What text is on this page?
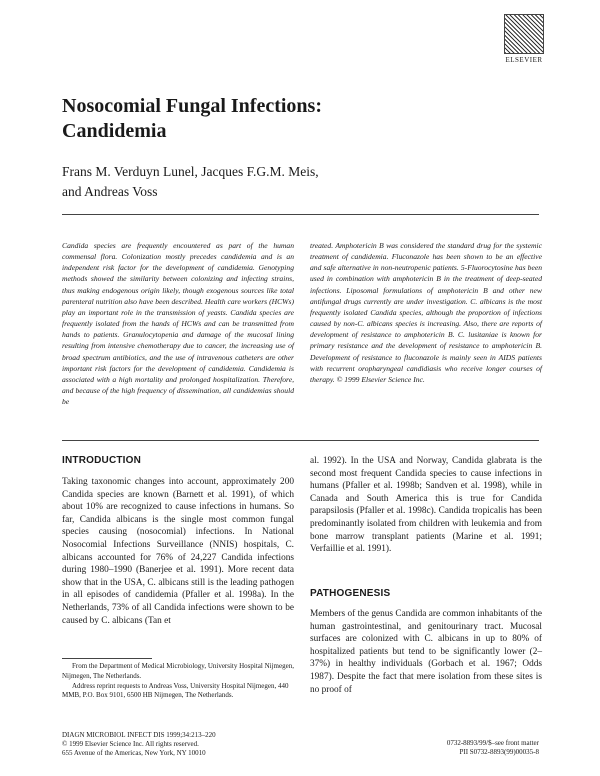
ELSEVIER
Nosocomial Fungal Infections:
Candidemia
Frans M. Verduyn Lunel, Jacques F.G.M. Meis,
and Andreas Voss

Candida species are frequently encountered as part of the human commensal flora. Colonization mostly precedes candidemia and is an independent risk factor for the development of candidemia. Genotyping methods showed the similarity between colonizing and infecting strains, thus making endogenous origin likely, though exogenous sources like total parenteral nutrition also have been described. Health care workers (HCWs) play an important role in the transmission of yeasts. Candida species are frequently isolated from the hands of HCWs and can be transmitted from hands to patients. Granulocytopenia and damage of the mucosal lining resulting from intensive chemotherapy due to cancer, the increasing use of broad spectrum antibiotics, and the use of intravenous catheters are other important risk factors for the development of candidemia. Candidemia is associated with a high mortality and prolonged hospitalization. Therefore, and because of the high frequency of dissemination, all candidemias should be

treated. Amphotericin B was considered the standard drug for the systemic treatment of candidemia. Fluconazole has been shown to be an effective and safe alternative in non-neutropenic patients. 5-Fluorocytosine has been used in combination with amphotericin B in the treatment of deep-seated infections. Liposomal formulations of amphotericin B and other new antifungal drugs currently are under investigation. C. albicans is the most frequently isolated Candida species, although the proportion of infections caused by non-C. albicans species is increasing. Also, there are reports of development of resistance to amphotericin B. C. lusitaniae is known for primary resistance and the development of resistance to amphotericin B. Development of resistance to fluconazole is mainly seen in AIDS patients with recurrent oropharyngeal candidiasis who receive longer courses of therapy. © 1999 Elsevier Science Inc.

INTRODUCTION

Taking taxonomic changes into account, approximately 200 Candida species are known (Barnett et al. 1991), of which about 10% are recognized to cause infections in humans. So far, Candida albicans is the single most common fungal species causing (nosocomial) infections. In National Nosocomial Infections Surveillance (NNIS) hospitals, C. albicans accounted for 76% of 24,227 Candida infections during 1980–1990 (Banerjee et al. 1991). More recent data show that in the USA, C. albicans still is the leading pathogen in all episodes of candidemia (Pfaller et al. 1998a). In the Netherlands, 73% of all Candida infections were shown to be caused by C. albicans (Tan et

al. 1992). In the USA and Norway, Candida glabrata is the second most frequent Candida species to cause infections in humans (Pfaller et al. 1998b; Sandven et al. 1998), while in Canada and South America this is true for Candida parapsilosis (Pfaller et al. 1998c). Candida tropicalis has been predominantly isolated from children with leukemia and from bone marrow transplant patients (Marine et al. 1991; Verfaillie et al. 1991).

PATHOGENESIS

Members of the genus Candida are common inhabitants of the human gastrointestinal, and genitourinary tract. Mucosal surfaces are colonized with C. albicans in up to 80% of hospitalized patients but tend to be significantly lower (2–37%) in healthy individuals (Gorbach et al. 1967; Odds 1987). Despite the fact that mere isolation from these sites is no proof of

From the Department of Medical Microbiology, University Hospital Nijmegen, Nijmegen, The Netherlands.

Address reprint requests to Andreas Voss, University Hospital Nijmegen, 440 MMB, P.O. Box 9101, 6500 HB Nijmegen, The Netherlands.

DIAGN MICROBIOL INFECT DIS 1999;34:213–220
© 1999 Elsevier Science Inc. All rights reserved.
655 Avenue of the Americas, New York, NY 10010
0732-8893/99/$–see front matter
PII S0732-8893(99)00035-8
